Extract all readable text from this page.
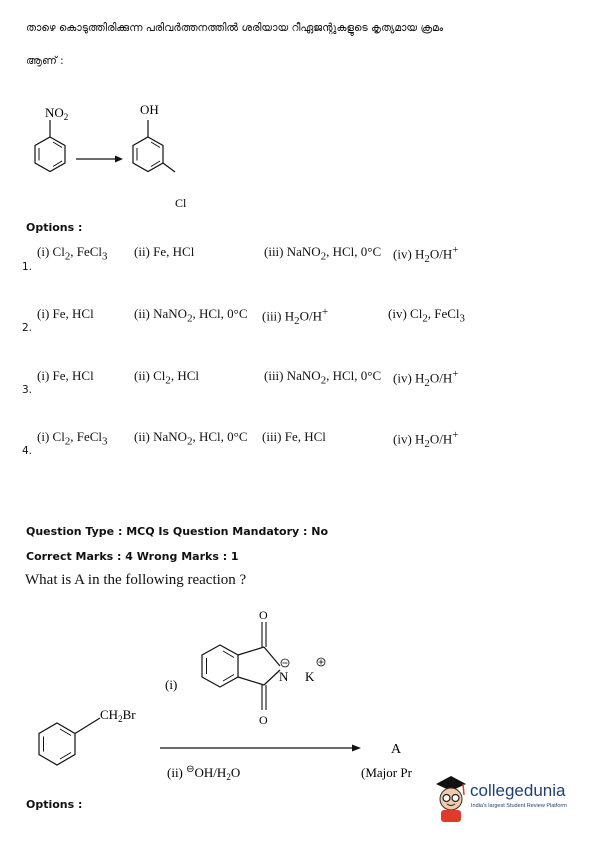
താഴെ കൊടുത്തിരിക്കുന്ന പരിവർത്തനത്തിൽ ശരിയായ റീഏജന്റുകളുടെ കൃത്യമായ ക്രമം
ആണ് :
$NO_2$	OH
Cl
Options :
1.
(i) $Cl_2$, FeCl$_3$ (ii) Fe, HCl	(iii) NaNO$_2$, HCl, 0°C (iv) $H_2O/H^+$
2.
(i) Fe, HCl	(ii) NaNO$_2$, HCl, 0°C (iii) $H_2O/H^+$	(iv) $Cl_2$, FeCl$_3$
3.
(i) Fe, HCl	(ii) $Cl_2$, HCl	(iii) NaNO$_2$, HCl, 0°C (iv) $H_2O/H^+$
4.
(i) $Cl_2$, FeCl$_3$ (ii) NaNO$_2$, HCl, 0°C (iii) Fe, HCl	(iv) $H_2O/H^+$
Question Type : MCQ Is Question Mandatory : No
Correct Marks : 4 Wrong Marks : 1
What is A in the following reaction ?
$CH_2Br$
O
O
N K
(i)
(ii) $^⊖OH/H_2O$
A
(Major Pr
Options :
collegedunia
India's largest Student Review Platform
